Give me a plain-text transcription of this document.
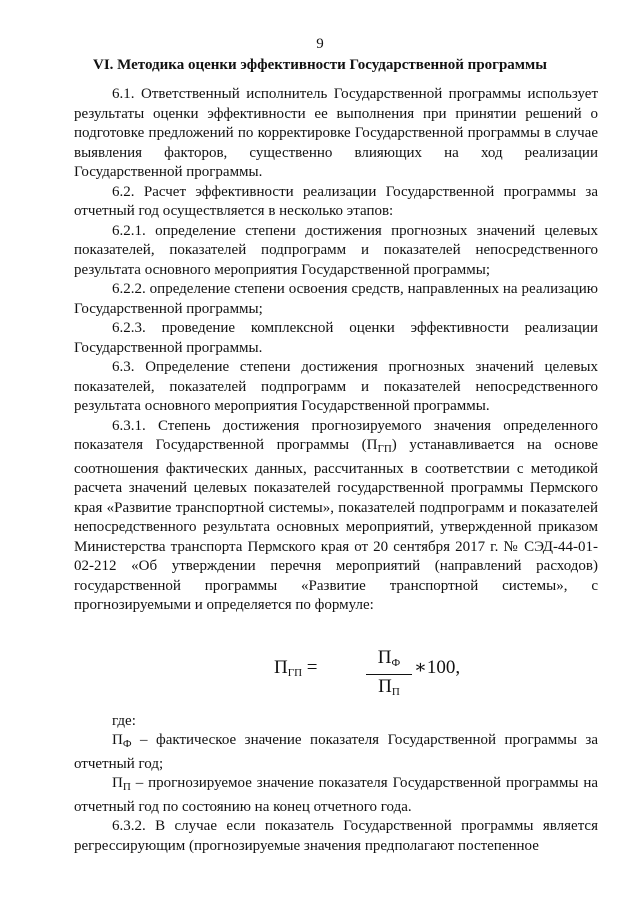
9
VI. Методика оценки эффективности Государственной программы

6.1. Ответственный исполнитель Государственной программы использует результаты оценки эффективности ее выполнения при принятии решений о подготовке предложений по корректировке Государственной программы в случае выявления факторов, существенно влияющих на ход реализации Государственной программы.

6.2. Расчет эффективности реализации Государственной программы за отчетный год осуществляется в несколько этапов:

6.2.1. определение степени достижения прогнозных значений целевых показателей, показателей подпрограмм и показателей непосредственного результата основного мероприятия Государственной программы;

6.2.2. определение степени освоения средств, направленных на реализацию Государственной программы;

6.2.3. проведение комплексной оценки эффективности реализации Государственной программы.

6.3. Определение степени достижения прогнозных значений целевых показателей, показателей подпрограмм и показателей непосредственного результата основного мероприятия Государственной программы.

6.3.1. Степень достижения прогнозируемого значения определенного показателя Государственной программы $(П_{ГП})$ устанавливается на основе соотношения фактических данных, рассчитанных в соответствии с методикой расчета значений целевых показателей государственной программы Пермского края «Развитие транспортной системы», показателей подпрограмм и показателей непосредственного результата основных мероприятий, утвержденной приказом Министерства транспорта Пермского края от 20 сентября 2017 г. № СЭД-44-01-02-212 «Об утверждении перечня мероприятий (направлений расходов) государственной программы «Развитие транспортной системы», с прогнозируемыми и определяется по формуле:

$П_{ГП}$ =	$П_Ф$
$П_П$
∗100,

где:

$П_Ф$ – фактическое значение показателя Государственной программы за отчетный год;

$П_П$ – прогнозируемое значение показателя Государственной программы на отчетный год по состоянию на конец отчетного года.

6.3.2. В случае если показатель Государственной программы является регрессирующим (прогнозируемые значения предполагают постепенное
